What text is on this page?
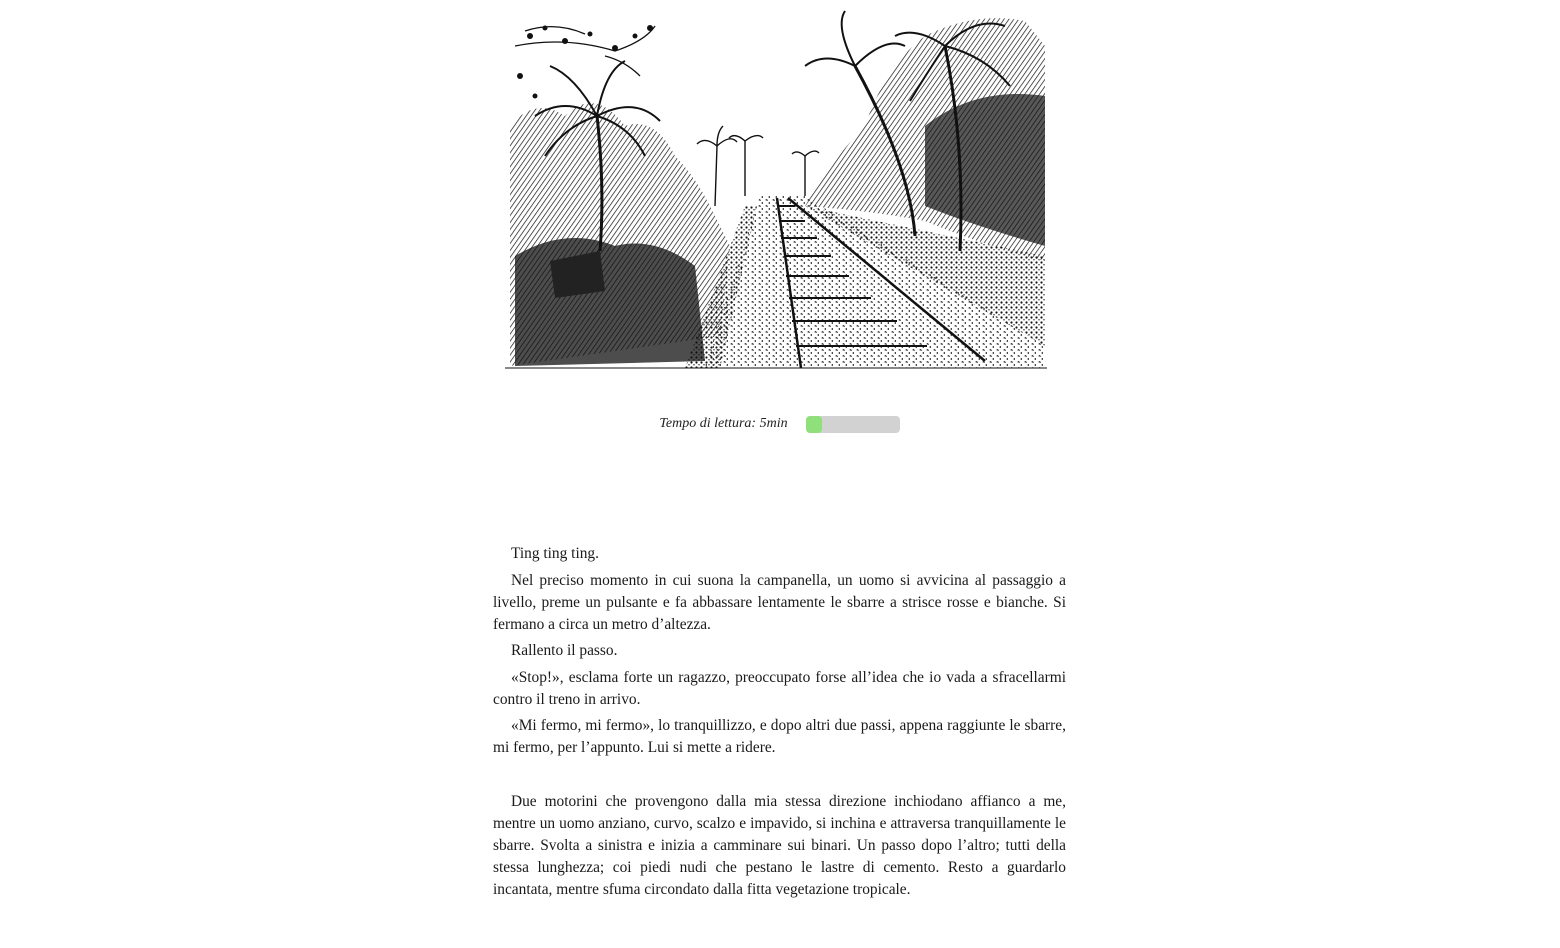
Tempo di lettura: 5min

Ting ting ting.

Nel preciso momento in cui suona la campanella, un uomo si avvicina al passaggio a livello, preme un pulsante e fa abbassare lentamente le sbarre a strisce rosse e bianche. Si fermano a circa un metro d’altezza.

Rallento il passo.

«Stop!», esclama forte un ragazzo, preoccupato forse all’idea che io vada a sfracellarmi contro il treno in arrivo.

«Mi fermo, mi fermo», lo tranquillizzo, e dopo altri due passi, appena raggiunte le sbarre, mi fermo, per l’appunto. Lui si mette a ridere.

Due motorini che provengono dalla mia stessa direzione inchiodano affianco a me, mentre un uomo anziano, curvo, scalzo e impavido, si inchina e attraversa tranquillamente le sbarre. Svolta a sinistra e inizia a camminare sui binari. Un passo dopo l’altro; tutti della stessa lunghezza; coi piedi nudi che pestano le lastre di cemento. Resto a guardarlo incantata, mentre sfuma circondato dalla fitta vegetazione tropicale.
